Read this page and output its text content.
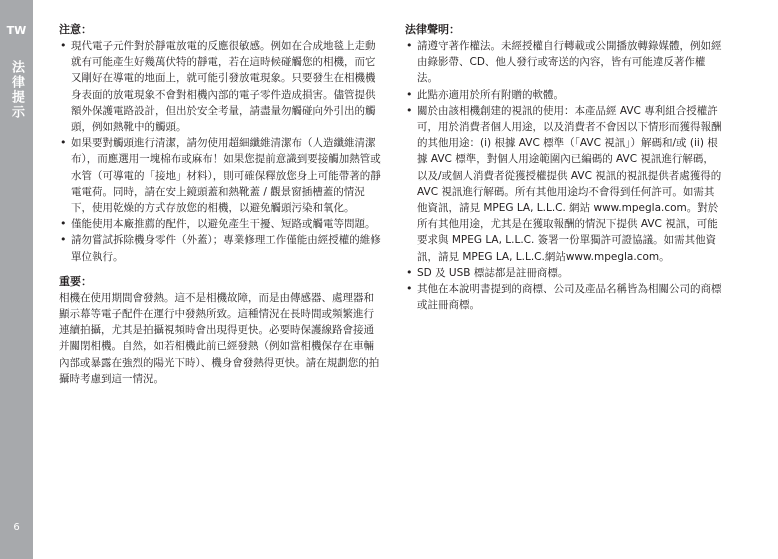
TW
法律提示
6
注意：
• 現代電子元件對於靜電放電的反應很敏感。例如在合成地毯上走動就有可能產生好幾萬伏特的靜電，若在這時候碰觸您的相機，而它又剛好在導電的地面上，就可能引發放電現象。只要發生在相機機身表面的放電現象不會對相機內部的電子零件造成損害。儘管提供額外保護電路設計，但出於安全考量，請盡量勿觸碰向外引出的觸頭，例如熱靴中的觸頭。
• 如果要對觸頭進行清潔，請勿使用超細纖維清潔布（人造纖維清潔布），而應選用一塊棉布或麻布！如果您提前意識到要接觸加熱管或水管（可導電的「接地」材料），則可確保釋放您身上可能帶著的靜電電荷。同時，請在安上鏡頭蓋和熱靴蓋 / 觀景窗插槽蓋的情況下，使用乾燥的方式存放您的相機，以避免觸頭污染和氧化。
• 僅能使用本廠推薦的配件，以避免產生干擾、短路或觸電等問題。
• 請勿嘗試拆除機身零件（外蓋）；專業修理工作僅能由經授權的維修單位執行。
重要：

相機在使用期間會發熱。這不是相機故障，而是由傳感器、處理器和顯示幕等電子配件在運行中發熱所致。這種情況在長時間或頻繁進行連續拍攝，尤其是拍攝視頻時會出現得更快。必要時保護線路會接通并關閉相機。自然，如若相機此前已經發熱（例如當相機保存在車輛內部或暴露在強烈的陽光下時）、機身會發熱得更快。請在規劃您的拍攝時考慮到這一情況。

法律聲明：
• 請遵守著作權法。未經授權自行轉載或公開播放轉錄媒體，例如經由錄影帶、CD、他人發行或寄送的內容，皆有可能違反著作權法。
• 此點亦適用於所有附贈的軟體。
• 關於由該相機創建的視訊的使用：本產品經 AVC 專利組合授權許可，用於消費者個人用途，以及消費者不會因以下情形而獲得報酬的其他用途：(i) 根據 AVC 標準（「AVC 視訊」）解碼和/或 (ii) 根據 AVC 標準，對個人用途範圍內已編碼的 AVC 視訊進行解碼，以及/或個人消費者從獲授權提供 AVC 視訊的視訊提供者處獲得的 AVC 視訊進行解碼。所有其他用途均不會得到任何許可。如需其他資訊，請見 MPEG LA, L.L.C. 網站 www.mpegla.com。對於所有其他用途，尤其是在獲取報酬的情況下提供 AVC 視訊，可能要求與 MPEG LA, L.L.C. 簽署一份單獨許可證協議。如需其他資訊，請見 MPEG LA, L.L.C.網站www.mpegla.com。
• SD 及 USB 標誌都是註冊商標。
• 其他在本說明書提到的商標、公司及產品名稱皆為相關公司的商標或註冊商標。
